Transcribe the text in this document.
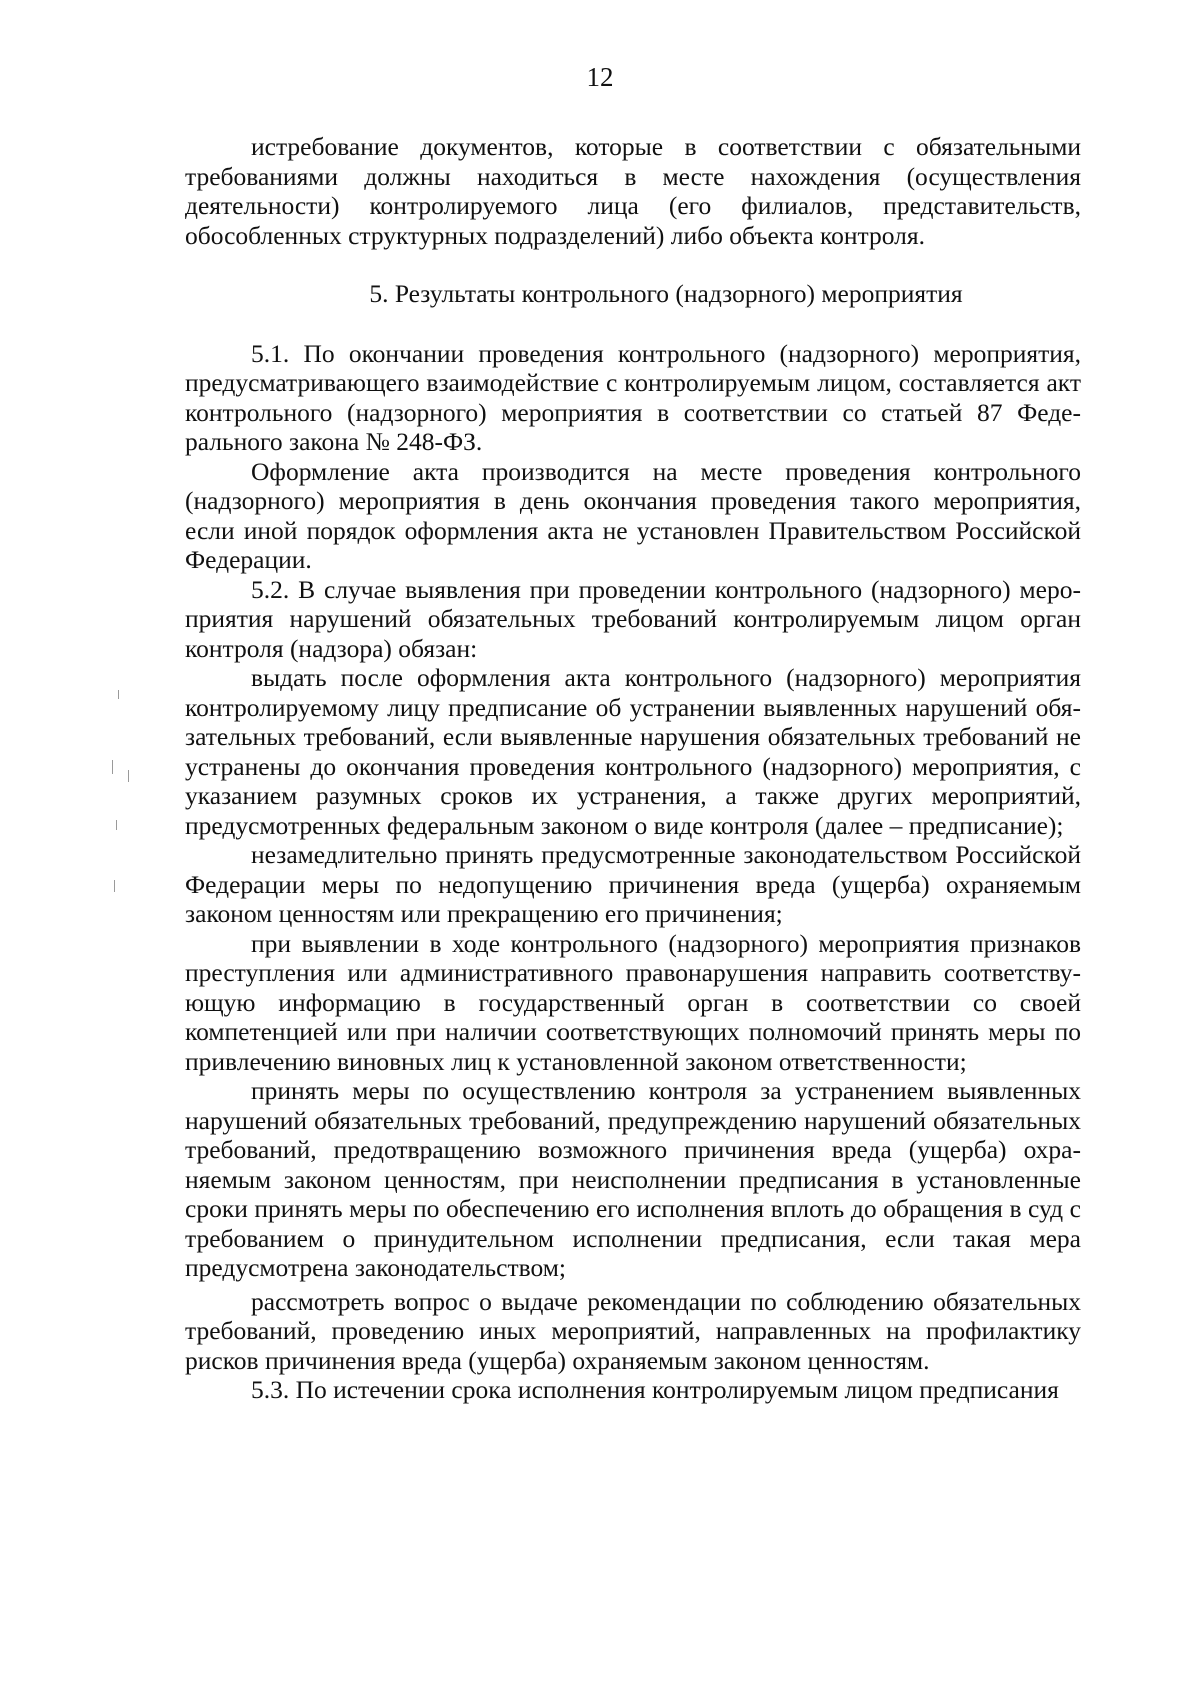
12

истребование документов, которые в соответствии с обязательными требованиями должны находиться в месте нахождения (осуществления деятельности) контролируемого лица (его филиалов, представительств, обособленных структурных подразделений) либо объекта контроля.

5. Результаты контрольного (надзорного) мероприятия

5.1. По окончании проведения контрольного (надзорного) мероприятия, предусматривающего взаимодействие с контролируемым лицом, составляется акт контрольного (надзорного) мероприятия в соответствии со статьей 87 Федерального закона № 248-ФЗ.

Оформление акта производится на месте проведения контрольного (надзорного) мероприятия в день окончания проведения такого мероприятия, если иной порядок оформления акта не установлен Правительством Российской Федерации.

5.2. В случае выявления при проведении контрольного (надзорного) мероприятия нарушений обязательных требований контролируемым лицом орган контроля (надзора) обязан:

выдать после оформления акта контрольного (надзорного) мероприятия контролируемому лицу предписание об устранении выявленных нарушений обязательных требований, если выявленные нарушения обязательных требований не устранены до окончания проведения контрольного (надзорного) мероприятия, с указанием разумных сроков их устранения, а также других мероприятий, предусмотренных федеральным законом о виде контроля (далее – предписание);

незамедлительно принять предусмотренные законодательством Российской Федерации меры по недопущению причинения вреда (ущерба) охраняемым законом ценностям или прекращению его причинения;

при выявлении в ходе контрольного (надзорного) мероприятия признаков преступления или административного правонарушения направить соответствующую информацию в государственный орган в соответствии со своей компетенцией или при наличии соответствующих полномочий принять меры по привлечению виновных лиц к установленной законом ответственности;

принять меры по осуществлению контроля за устранением выявленных нарушений обязательных требований, предупреждению нарушений обязательных требований, предотвращению возможного причинения вреда (ущерба) охраняемым законом ценностям, при неисполнении предписания в установленные сроки принять меры по обеспечению его исполнения вплоть до обращения в суд с требованием о принудительном исполнении предписания, если такая мера предусмотрена законодательством;

рассмотреть вопрос о выдаче рекомендации по соблюдению обязательных требований, проведению иных мероприятий, направленных на профилактику рисков причинения вреда (ущерба) охраняемым законом ценностям.

5.3. По истечении срока исполнения контролируемым лицом предписания
